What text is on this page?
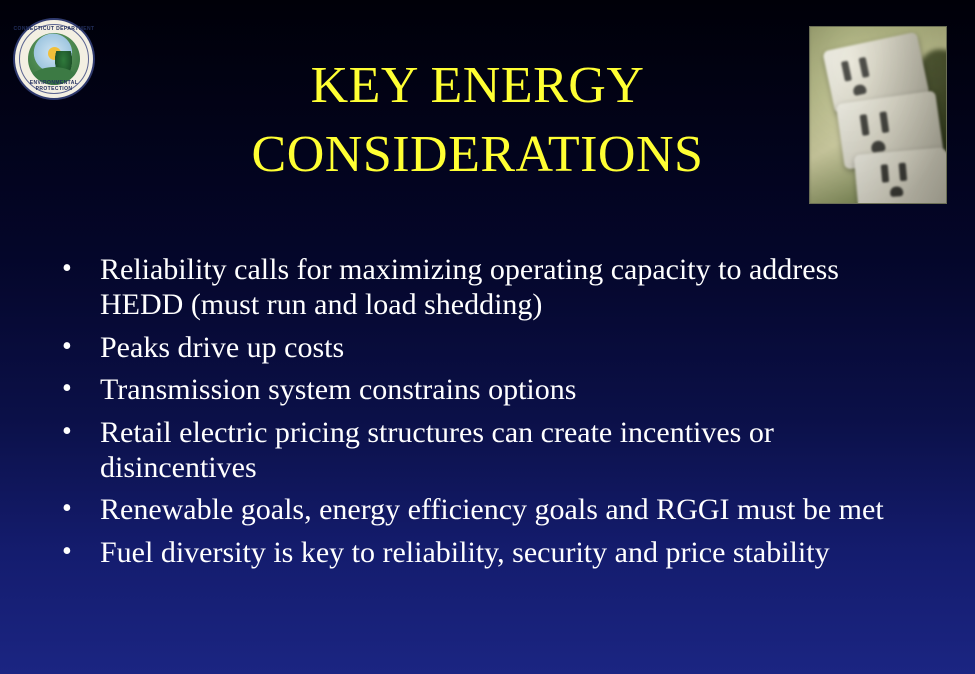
CONNECTICUT DEPARTMENT
ENVIRONMENTAL PROTECTION	KEY ENERGY
CONSIDERATIONS
• Reliability calls for maximizing operating capacity to address HEDD (must run and load shedding)
• Peaks drive up costs
• Transmission system constrains options
• Retail electric pricing structures can create incentives or disincentives
• Renewable goals, energy efficiency goals and RGGI must be met
• Fuel diversity is key to reliability, security and price stability
